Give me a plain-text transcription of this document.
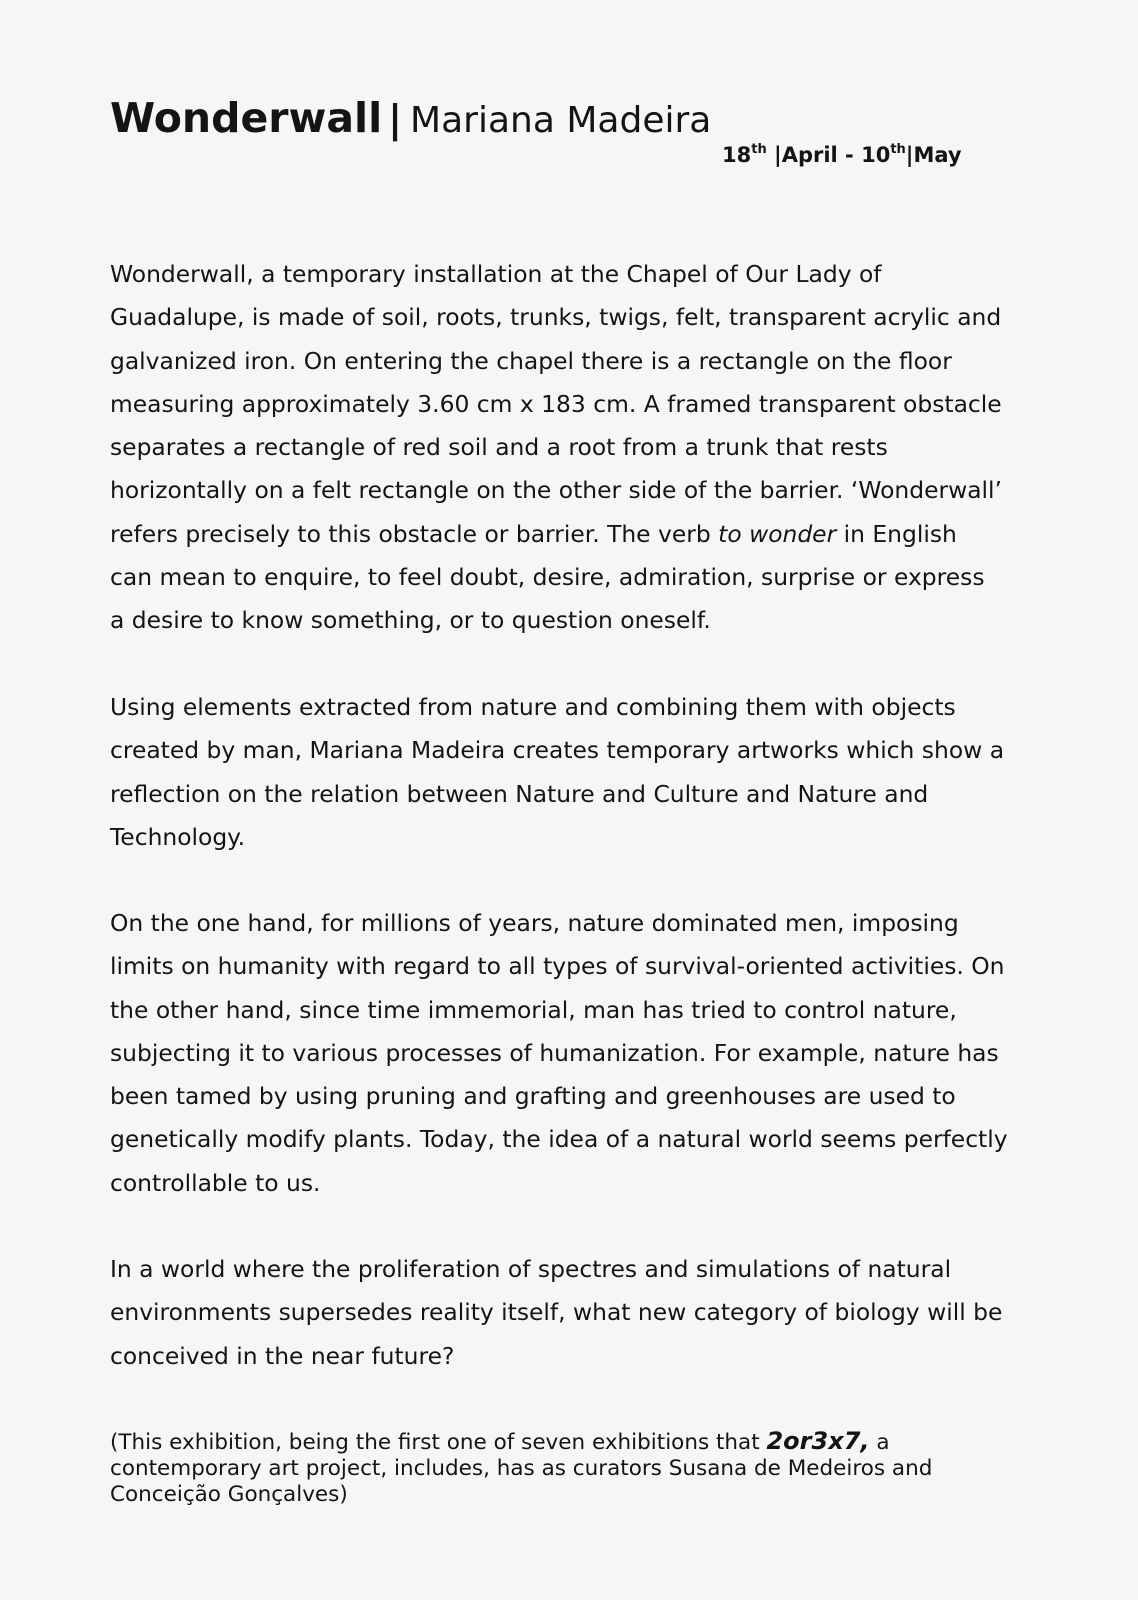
Wonderwall | Mariana Madeira
18th |April - 10th|May
Wonderwall, a temporary installation at the Chapel of Our Lady of
Guadalupe, is made of soil, roots, trunks, twigs, felt, transparent acrylic and
galvanized iron. On entering the chapel there is a rectangle on the floor
measuring approximately 3.60 cm x 183 cm. A framed transparent obstacle
separates a rectangle of red soil and a root from a trunk that rests
horizontally on a felt rectangle on the other side of the barrier. ‘Wonderwall’
refers precisely to this obstacle or barrier. The verb to wonder in English
can mean to enquire, to feel doubt, desire, admiration, surprise or express
a desire to know something, or to question oneself.
Using elements extracted from nature and combining them with objects
created by man, Mariana Madeira creates temporary artworks which show a
reflection on the relation between Nature and Culture and Nature and
Technology.
On the one hand, for millions of years, nature dominated men, imposing
limits on humanity with regard to all types of survival-oriented activities. On
the other hand, since time immemorial, man has tried to control nature,
subjecting it to various processes of humanization. For example, nature has
been tamed by using pruning and grafting and greenhouses are used to
genetically modify plants. Today, the idea of a natural world seems perfectly
controllable to us.
In a world where the proliferation of spectres and simulations of natural
environments supersedes reality itself, what new category of biology will be
conceived in the near future?
(This exhibition, being the first one of seven exhibitions that 2or3x7, a
contemporary art project, includes, has as curators Susana de Medeiros and
Conceição Gonçalves)
